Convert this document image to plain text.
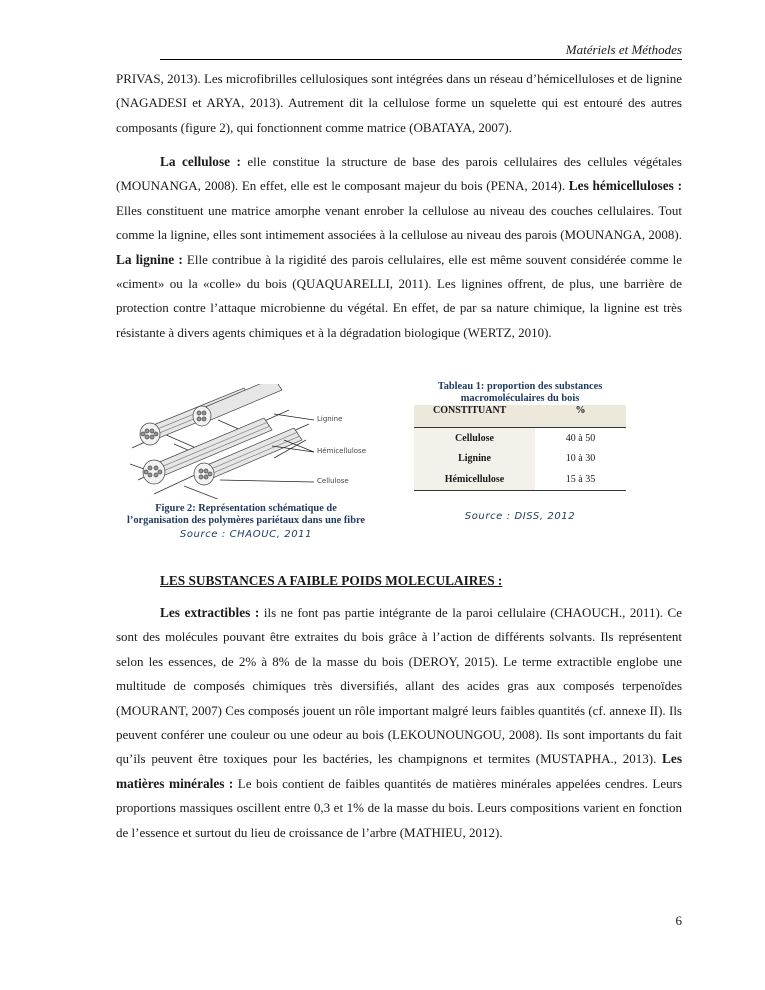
Matériels et Méthodes

PRIVAS, 2013). Les microfibrilles cellulosiques sont intégrées dans un réseau d’hémicelluloses et de lignine (NAGADESI et ARYA, 2013). Autrement dit la cellulose forme un squelette qui est entouré des autres composants (figure 2), qui fonctionnent comme matrice (OBATAYA, 2007).

La cellulose : elle constitue la structure de base des parois cellulaires des cellules végétales (MOUNANGA, 2008). En effet, elle est le composant majeur du bois (PENA, 2014). Les hémicelluloses : Elles constituent une matrice amorphe venant enrober la cellulose au niveau des couches cellulaires. Tout comme la lignine, elles sont intimement associées à la cellulose au niveau des parois (MOUNANGA, 2008). La lignine : Elle contribue à la rigidité des parois cellulaires, elle est même souvent considérée comme le «ciment» ou la «colle» du bois (QUAQUARELLI, 2011). Les lignines offrent, de plus, une barrière de protection contre l’attaque microbienne du végétal. En effet, de par sa nature chimique, la lignine est très résistante à divers agents chimiques et à la dégradation biologique (WERTZ, 2010).

Lignine
Hémicellulose
Cellulose
Figure 2: Représentation schématique de
l’organisation des polymères pariétaux dans une fibre
Source : CHAOUC, 2011
Tableau 1: proportion des substances
macromoléculaires du bois
CONSTITUANT	%
Cellulose	40 à 50
Lignine	10 à 30
Hémicellulose	15 à 35
Source : DISS, 2012
LES SUBSTANCES A FAIBLE POIDS MOLECULAIRES :

Les extractibles : ils ne font pas partie intégrante de la paroi cellulaire (CHAOUCH., 2011). Ce sont des molécules pouvant être extraites du bois grâce à l’action de différents solvants. Ils représentent selon les essences, de 2% à 8% de la masse du bois (DEROY, 2015). Le terme extractible englobe une multitude de composés chimiques très diversifiés, allant des acides gras aux composés terpenoïdes (MOURANT, 2007) Ces composés jouent un rôle important malgré leurs faibles quantités (cf. annexe II). Ils peuvent conférer une couleur ou une odeur au bois (LEKOUNOUNGOU, 2008). Ils sont importants du fait qu’ils peuvent être toxiques pour les bactéries, les champignons et termites (MUSTAPHA., 2013). Les matières minérales : Le bois contient de faibles quantités de matières minérales appelées cendres. Leurs proportions massiques oscillent entre 0,3 et 1% de la masse du bois. Leurs compositions varient en fonction de l’essence et surtout du lieu de croissance de l’arbre (MATHIEU, 2012).

6
